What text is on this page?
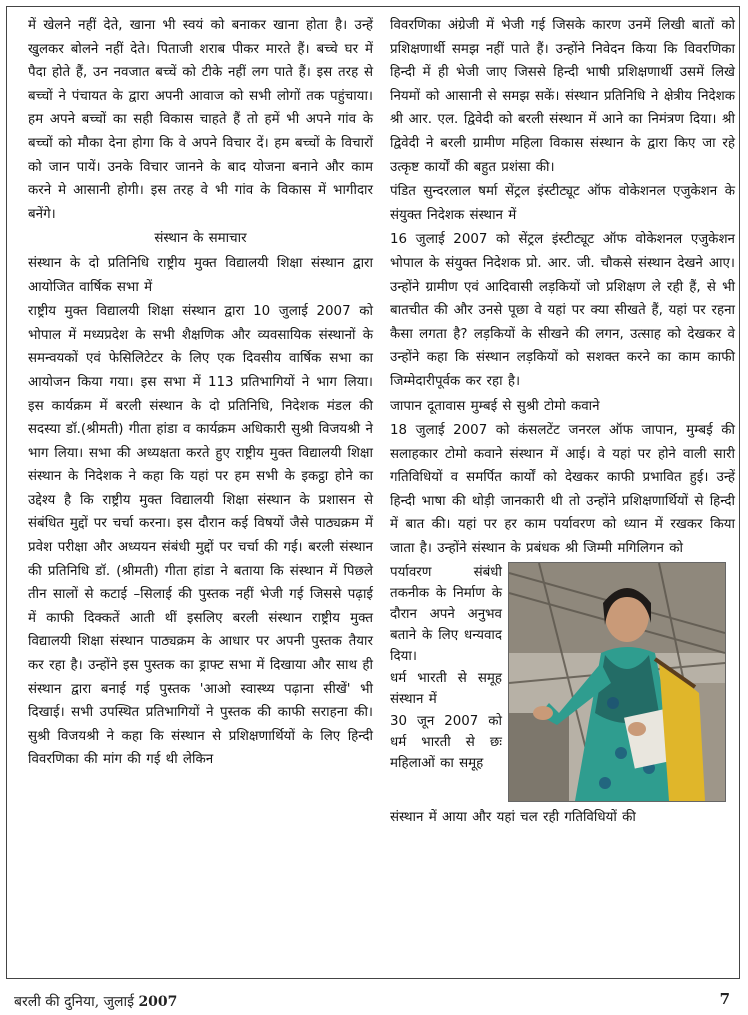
में खेलने नहीं देते, खाना भी स्वयं को बनाकर खाना होता है। उन्हें खुलकर बोलने नहीं देते। पिताजी शराब पीकर मारते हैं। बच्चे घर में पैदा होते हैं, उन नवजात बच्चें को टीके नहीं लग पाते हैं। इस तरह से बच्चों ने पंचायत के द्वारा अपनी आवाज को सभी लोगों तक पहुंचाया। हम अपने बच्चों का सही विकास चाहते हैं तो हमें भी अपने गांव के बच्चों को मौका देना होगा कि वे अपने विचार दें। हम बच्चों के विचारों को जान पायें। उनके विचार जानने के बाद योजना बनाने और काम करने मे आसानी होगी। इस तरह वे भी गांव के विकास में भागीदार बनेंगे।

संस्थान के समाचार

संस्थान के दो प्रतिनिधि राष्ट्रीय मुक्त विद्यालयी शिक्षा संस्थान द्वारा आयोजित वार्षिक सभा में

राष्ट्रीय मुक्त विद्यालयी शिक्षा संस्थान द्वारा 10 जुलाई 2007 को भोपाल में मध्यप्रदेश के सभी शैक्षणिक और व्यवसायिक संस्थानों के समन्वयकों एवं फेसिलिटेटर के लिए एक दिवसीय वार्षिक सभा का आयोजन किया गया। इस सभा में 113 प्रतिभागियों ने भाग लिया। इस कार्यक्रम में बरली संस्थान के दो प्रतिनिधि, निदेशक मंडल की सदस्या डॉ.(श्रीमती) गीता हांडा व कार्यक्रम अधिकारी सुश्री विजयश्री ने भाग लिया। सभा की अध्यक्षता करते हुए राष्ट्रीय मुक्त विद्यालयी शिक्षा संस्थान के निदेशक ने कहा कि यहां पर हम सभी के इकट्ठा होने का उद्देश्य है कि राष्ट्रीय मुक्त विद्यालयी शिक्षा संस्थान के प्रशासन से संबंधित मुद्दों पर चर्चा करना। इस दौरान कई विषयों जैसे पाठ्यक्रम में प्रवेश परीक्षा और अध्ययन संबंधी मुद्दों पर चर्चा की गई। बरली संस्थान की प्रतिनिधि डॉ. (श्रीमती) गीता हांडा ने बताया कि संस्थान में पिछले तीन सालों से कटाई –सिलाई की पुस्तक नहीं भेजी गई जिससे पढ़ाई में काफी दिक्कतें आती थीं इसलिए बरली संस्थान राष्ट्रीय मुक्त विद्यालयी शिक्षा संस्थान पाठ्यक्रम के आधार पर अपनी पुस्तक तैयार कर रहा है। उन्होंने इस पुस्तक का ड्राफ्ट सभा में दिखाया और साथ ही संस्थान द्वारा बनाई गई पुस्तक 'आओ स्वास्थ्य पढ़ाना सीखें' भी दिखाई। सभी उपस्थित प्रतिभागियों ने पुस्तक की काफी सराहना की। सुश्री विजयश्री ने कहा कि संस्थान से प्रशिक्षणार्थियों के लिए हिन्दी विवरणिका की मांग की गई थी लेकिन

विवरणिका अंग्रेजी में भेजी गई जिसके कारण उनमें लिखी बातों को प्रशिक्षणार्थी समझ नहीं पाते हैं। उन्होंने निवेदन किया कि विवरणिका हिन्दी में ही भेजी जाए जिससे हिन्दी भाषी प्रशिक्षणार्थी उसमें लिखे नियमों को आसानी से समझ सकें। संस्थान प्रतिनिधि ने क्षेत्रीय निदेशक श्री आर. एल. द्विवेदी को बरली संस्थान में आने का निमंत्रण दिया। श्री द्विवेदी ने बरली ग्रामीण महिला विकास संस्थान के द्वारा किए जा रहे उत्कृष्ट कार्यों की बहुत प्रशंसा की।

पंडित सुन्दरलाल षर्मा सेंट्रल इंस्टीट्यूट ऑफ वोकेशनल एजुकेशन के संयुक्त निदेशक संस्थान में

16 जुलाई 2007 को सेंट्रल इंस्टीट्यूट ऑफ वोकेशनल एजुकेशन भोपाल के संयुक्त निदेशक प्रो. आर. जी. चौकसे संस्थान देखने आए। उन्होंने ग्रामीण एवं आदिवासी लड़कियों जो प्रशिक्षण ले रही हैं, से भी बातचीत की और उनसे पूछा वे यहां पर क्या सीखते हैं, यहां पर रहना कैसा लगता है? लड़कियों के सीखने की लगन, उत्साह को देखकर वे उन्होंने कहा कि संस्थान लड़कियों को सशक्त करने का काम काफी जिम्मेदारीपूर्वक कर रहा है।

जापान दूतावास मुम्बई से सुश्री टोमो कवाने

18 जुलाई 2007 को कंसलटेंट जनरल ऑफ जापान, मुम्बई की सलाहकार टोमो कवाने संस्थान में आई। वे यहां पर होने वाली सारी गतिविधियों व समर्पित कार्यों को देखकर काफी प्रभावित हुई। उन्हें हिन्दी भाषा की थोड़ी जानकारी थी तो उन्होंने प्रशिक्षणार्थियों से हिन्दी में बात की। यहां पर हर काम पर्यावरण को ध्यान में रखकर किया जाता है। उन्होंने संस्थान के प्रबंधक श्री जिम्मी मगिलिगन को

पर्यावरण संबंधी तकनीक के निर्माण के दौरान अपने अनुभव बताने के लिए धन्यवाद दिया।

धर्म भारती से समूह संस्थान में

30 जून 2007 को धर्म भारती से छः महिलाओं का समूह

संस्थान में आया और यहां चल रही गतिविधियों की

बरली की दुनिया, जुलाई 2007	7
